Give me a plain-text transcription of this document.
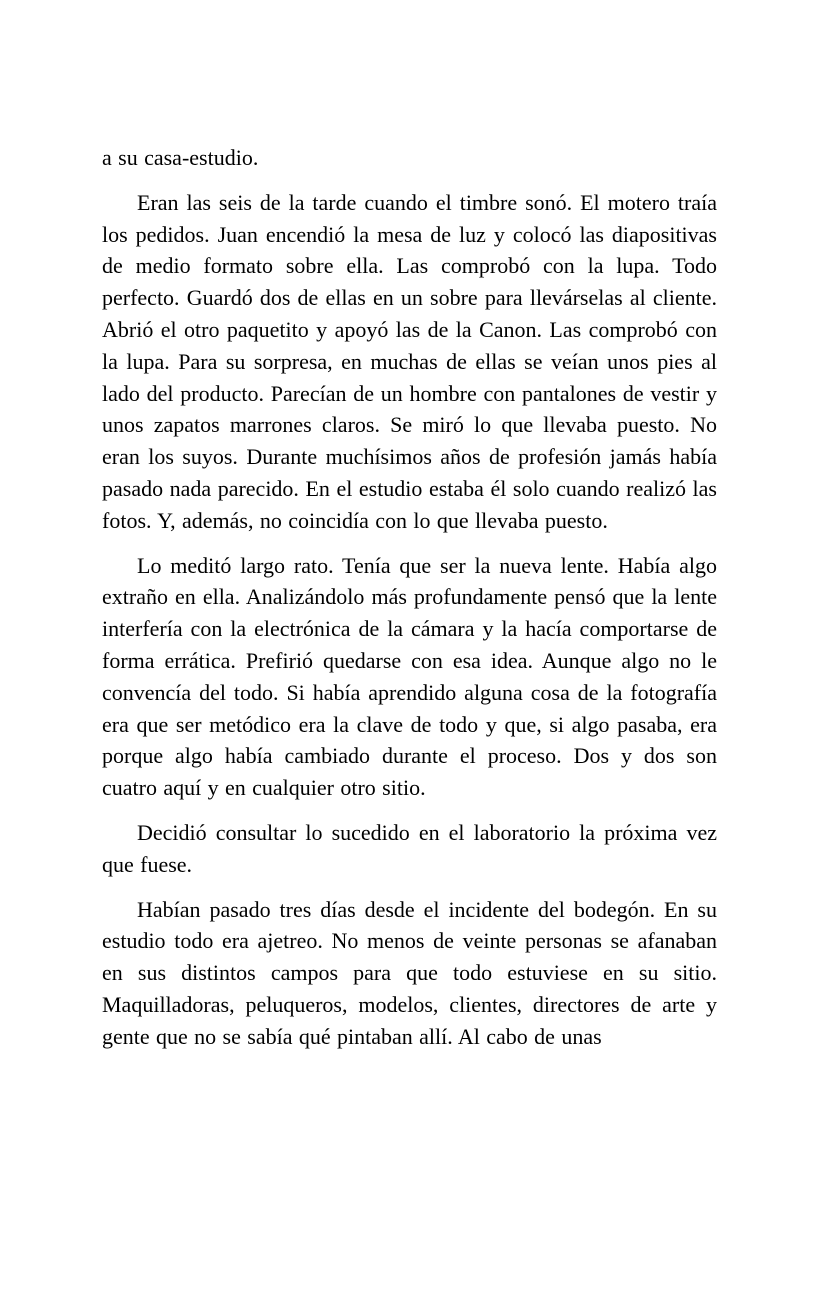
a su casa-estudio.

Eran las seis de la tarde cuando el timbre sonó. El motero traía los pedidos. Juan encendió la mesa de luz y colocó las diapositivas de medio formato sobre ella. Las comprobó con la lupa. Todo perfecto. Guardó dos de ellas en un sobre para llevárselas al cliente. Abrió el otro paquetito y apoyó las de la Canon. Las comprobó con la lupa. Para su sorpresa, en muchas de ellas se veían unos pies al lado del producto. Parecían de un hombre con pantalones de vestir y unos zapatos marrones claros. Se miró lo que llevaba puesto. No eran los suyos. Durante muchísimos años de profesión jamás había pasado nada parecido. En el estudio estaba él solo cuando realizó las fotos. Y, además, no coincidía con lo que llevaba puesto.

Lo meditó largo rato. Tenía que ser la nueva lente. Había algo extraño en ella. Analizándolo más profundamente pensó que la lente interfería con la electrónica de la cámara y la hacía comportarse de forma errática. Prefirió quedarse con esa idea. Aunque algo no le convencía del todo. Si había aprendido alguna cosa de la fotografía era que ser metódico era la clave de todo y que, si algo pasaba, era porque algo había cambiado durante el proceso. Dos y dos son cuatro aquí y en cualquier otro sitio.

Decidió consultar lo sucedido en el laboratorio la próxima vez que fuese.

Habían pasado tres días desde el incidente del bodegón. En su estudio todo era ajetreo. No menos de veinte personas se afanaban en sus distintos campos para que todo estuviese en su sitio. Maquilladoras, peluqueros, modelos, clientes, directores de arte y gente que no se sabía qué pintaban allí. Al cabo de unas
